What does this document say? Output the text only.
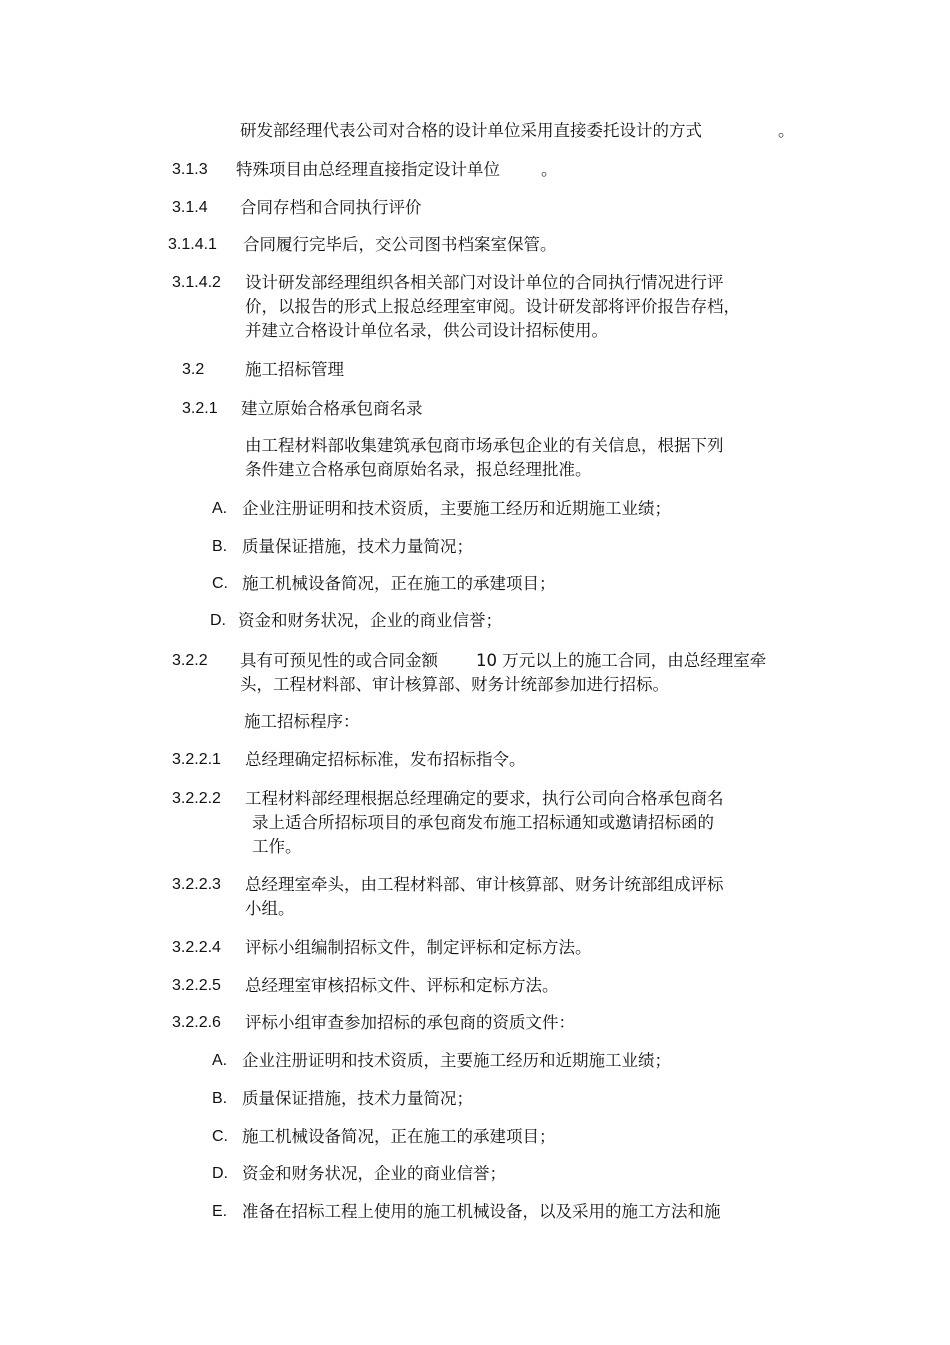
研发部经理代表公司对合格的设计单位采用直接委托设计的方式	。
3.1.3 特殊项目由总经理直接指定设计单位 。
3.1.4 合同存档和合同执行评价
3.1.4.1 合同履行完毕后，交公司图书档案室保管。
3.1.4.2 设计研发部经理组织各相关部门对设计单位的合同执行情况进行评
价，以报告的形式上报总经理室审阅。设计研发部将评价报告存档，
并建立合格设计单位名录，供公司设计招标使用。
3.2 施工招标管理
3.2.1 建立原始合格承包商名录
由工程材料部收集建筑承包商市场承包企业的有关信息，根据下列
条件建立合格承包商原始名录，报总经理批准。
A. 企业注册证明和技术资质，主要施工经历和近期施工业绩；
B. 质量保证措施，技术力量简况；
C. 施工机械设备简况，正在施工的承建项目；
D. 资金和财务状况，企业的商业信誉；
3.2.2 具有可预见性的或合同金额 10 万元以上的施工合同，由总经理室牵
头，工程材料部、审计核算部、财务计统部参加进行招标。
施工招标程序：
3.2.2.1 总经理确定招标标准，发布招标指令。
3.2.2.2 工程材料部经理根据总经理确定的要求，执行公司向合格承包商名
录上适合所招标项目的承包商发布施工招标通知或邀请招标函的
工作。
3.2.2.3 总经理室牵头，由工程材料部、审计核算部、财务计统部组成评标
小组。
3.2.2.4 评标小组编制招标文件，制定评标和定标方法。
3.2.2.5 总经理室审核招标文件、评标和定标方法。
3.2.2.6 评标小组审查参加招标的承包商的资质文件：
A. 企业注册证明和技术资质，主要施工经历和近期施工业绩；
B. 质量保证措施，技术力量简况；
C. 施工机械设备简况，正在施工的承建项目；
D. 资金和财务状况，企业的商业信誉；
E. 准备在招标工程上使用的施工机械设备，以及采用的施工方法和施
